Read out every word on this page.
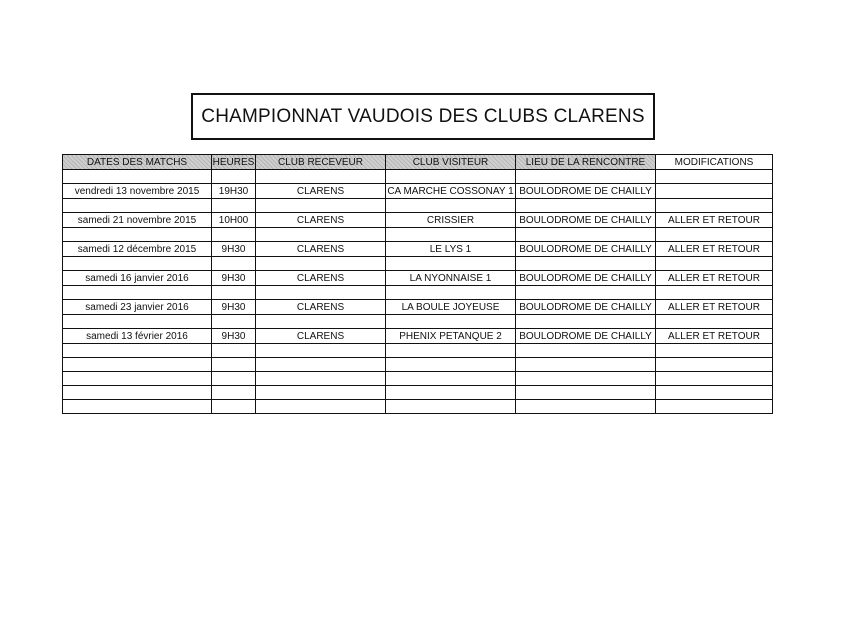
CHAMPIONNAT VAUDOIS DES CLUBS CLARENS
DATES DES MATCHS	HEURES	CLUB RECEVEUR	CLUB VISITEUR	LIEU DE LA RENCONTRE	MODIFICATIONS

vendredi 13 novembre 2015	19H30	CLARENS	CA MARCHE COSSONAY 1	BOULODROME DE CHAILLY	

samedi 21 novembre 2015	10H00	CLARENS	CRISSIER	BOULODROME DE CHAILLY	ALLER ET RETOUR

samedi 12 décembre 2015	9H30	CLARENS	LE LYS 1	BOULODROME DE CHAILLY	ALLER ET RETOUR

samedi 16 janvier 2016	9H30	CLARENS	LA NYONNAISE 1	BOULODROME DE CHAILLY	ALLER ET RETOUR

samedi 23 janvier 2016	9H30	CLARENS	LA BOULE JOYEUSE	BOULODROME DE CHAILLY	ALLER ET RETOUR

samedi 13 février 2016	9H30	CLARENS	PHENIX PETANQUE 2	BOULODROME DE CHAILLY	ALLER ET RETOUR
